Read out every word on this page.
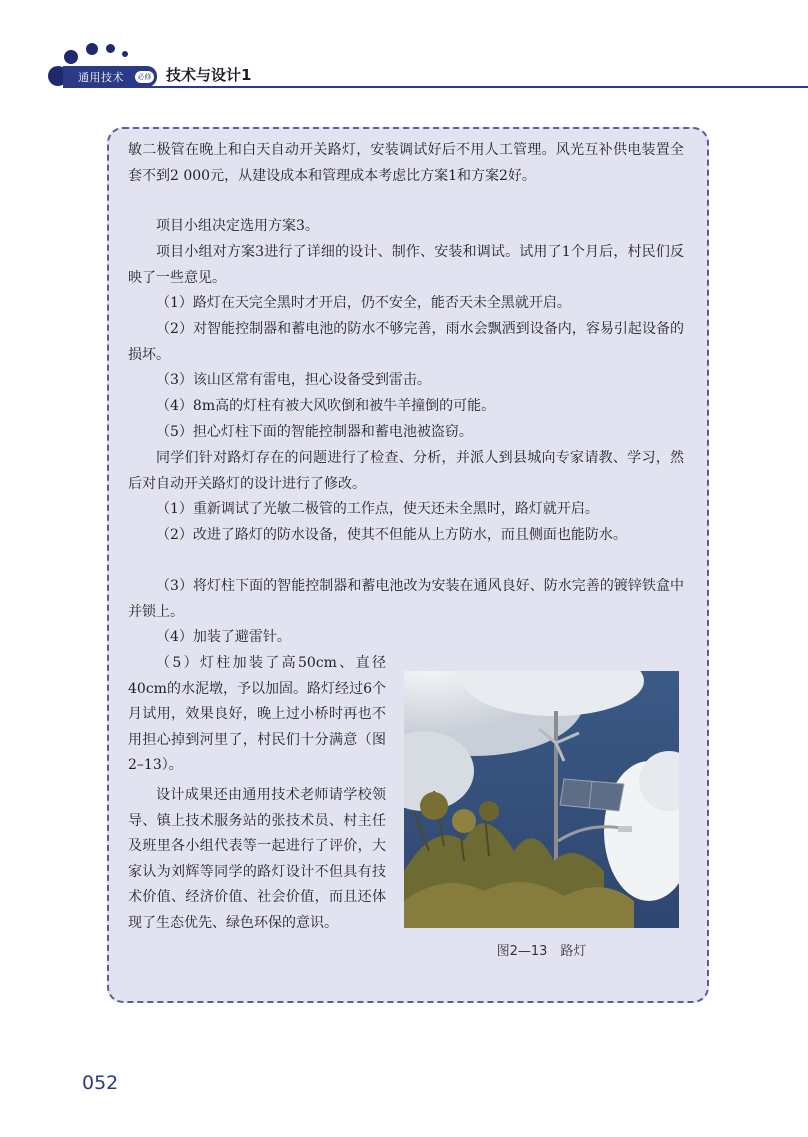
通用技术	必修 技术与设计1

敏二极管在晚上和白天自动开关路灯，安装调试好后不用人工管理。风光互补供电装置全套不到2 000元，从建设成本和管理成本考虑比方案1和方案2好。

项目小组决定选用方案3。

项目小组对方案3进行了详细的设计、制作、安装和调试。试用了1个月后，村民们反映了一些意见。

（1）路灯在天完全黑时才开启，仍不安全，能否天未全黑就开启。

（2）对智能控制器和蓄电池的防水不够完善，雨水会飘洒到设备内，容易引起设备的损坏。

（3）该山区常有雷电，担心设备受到雷击。

（4）8m高的灯柱有被大风吹倒和被牛羊撞倒的可能。

（5）担心灯柱下面的智能控制器和蓄电池被盗窃。

同学们针对路灯存在的问题进行了检查、分析，并派人到县城向专家请教、学习，然后对自动开关路灯的设计进行了修改。

（1）重新调试了光敏二极管的工作点，使天还未全黑时，路灯就开启。

（2）改进了路灯的防水设备，使其不但能从上方防水，而且侧面也能防水。

（3）将灯柱下面的智能控制器和蓄电池改为安装在通风良好、防水完善的镀锌铁盒中并锁上。

（4）加装了避雷针。

（5）灯柱加装了高50cm、直径40cm的水泥墩，予以加固。路灯经过6个月试用，效果良好，晚上过小桥时再也不用担心掉到河里了，村民们十分满意（图2–13）。

设计成果还由通用技术老师请学校领导、镇上技术服务站的张技术员、村主任及班里各小组代表等一起进行了评价，大家认为刘辉等同学的路灯设计不但具有技术价值、经济价值、社会价值，而且还体现了生态优先、绿色环保的意识。

图2—13　路灯
052
